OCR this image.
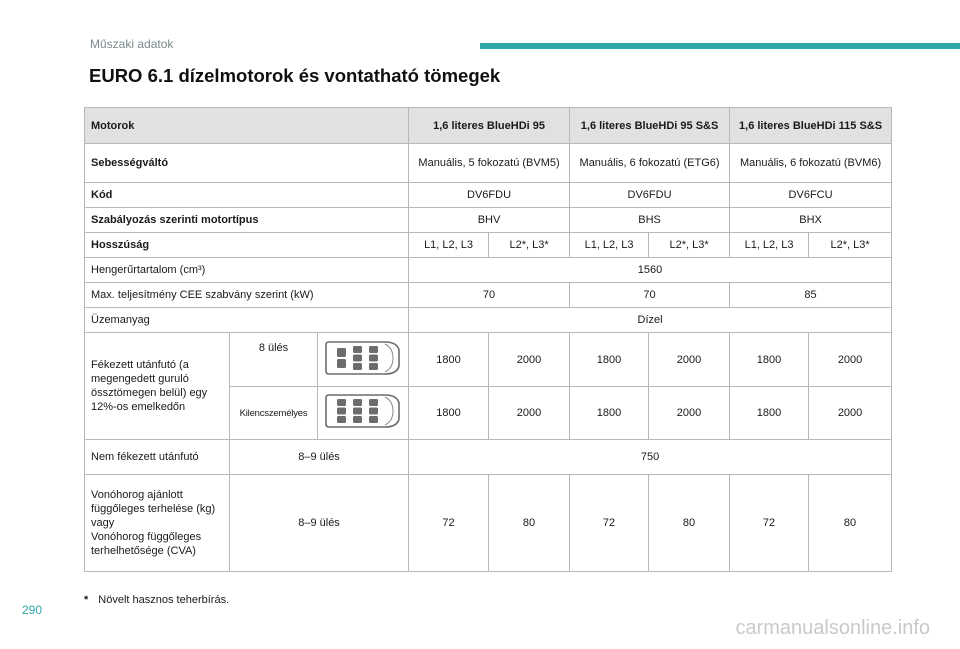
Műszaki adatok
EURO 6.1 dízelmotorok és vontatható tömegek
Motorok			1,6 literes BlueHDi 95		1,6 literes BlueHDi 95 S&S		1,6 literes BlueHDi 115 S&S	
Sebességváltó			Manuális, 5 fokozatú (BVM5)		Manuális, 6 fokozatú (ETG6)		Manuális, 6 fokozatú (BVM6)	
Kód			DV6FDU		DV6FDU		DV6FCU	
Szabályozás szerinti motortípus			BHV		BHS		BHX	
Hosszúság			L1, L2, L3	L2*, L3*	L1, L2, L3	L2*, L3*	L1, L2, L3	L2*, L3*
Hengerűrtartalom (cm³)			1560					
Max. teljesítmény CEE szabvány szerint (kW)			70		70		85	
Üzemanyag			Dízel					
Fékezett utánfutó (a megengedett guruló össztömegen belül) egy 12%-os emelkedőn	8 ülés		1800	2000	1800	2000	1800	2000
	Kilencszemélyes		1800	2000	1800	2000	1800	2000
Nem fékezett utánfutó	8–9 ülés		750					
Vonóhorog ajánlott
függőleges terhelése (kg)
vagy
Vonóhorog függőleges
terhelhetősége (CVA)	8–9 ülés		72	80	72	80	72	80
* Növelt hasznos teherbírás.
290
carmanualsonline.info
